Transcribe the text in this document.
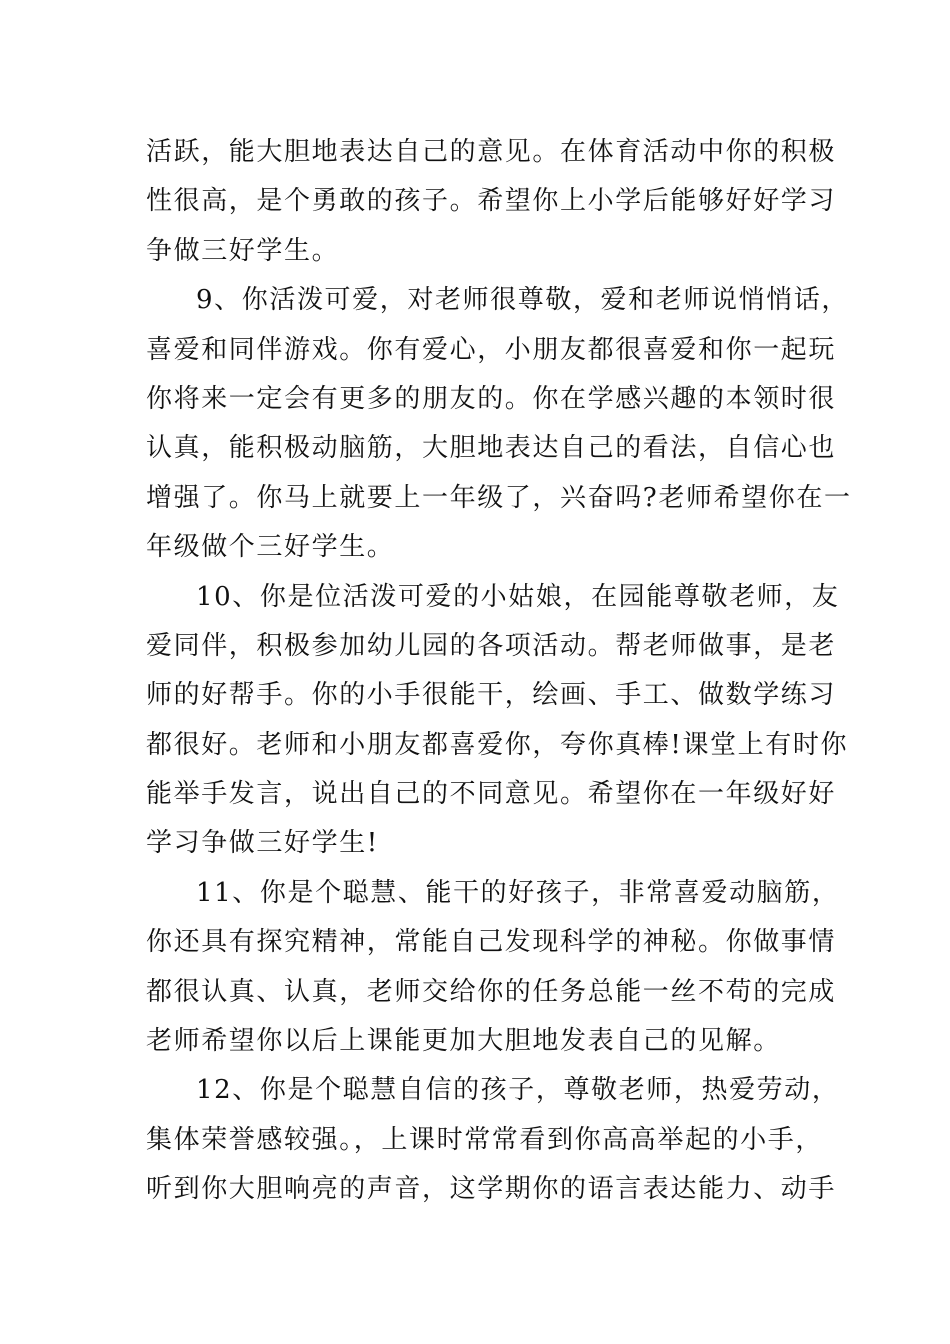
活跃，能大胆地表达自己的意见。在体育活动中你的积极
性很高，是个勇敢的孩子。希望你上小学后能够好好学习
争做三好学生。
9、你活泼可爱，对老师很尊敬，爱和老师说悄悄话，
喜爱和同伴游戏。你有爱心，小朋友都很喜爱和你一起玩
你将来一定会有更多的朋友的。你在学感兴趣的本领时很
认真，能积极动脑筋，大胆地表达自己的看法，自信心也
增强了。你马上就要上一年级了，兴奋吗?老师希望你在一
年级做个三好学生。
10、你是位活泼可爱的小姑娘，在园能尊敬老师，友
爱同伴，积极参加幼儿园的各项活动。帮老师做事，是老
师的好帮手。你的小手很能干，绘画、手工、做数学练习
都很好。老师和小朋友都喜爱你，夸你真棒!课堂上有时你
能举手发言，说出自己的不同意见。希望你在一年级好好
学习争做三好学生!
11、你是个聪慧、能干的好孩子，非常喜爱动脑筋，
你还具有探究精神，常能自己发现科学的神秘。你做事情
都很认真、认真，老师交给你的任务总能一丝不苟的完成
老师希望你以后上课能更加大胆地发表自己的见解。
12、你是个聪慧自信的孩子，尊敬老师，热爱劳动，
集体荣誉感较强。，上课时常常看到你高高举起的小手，
听到你大胆响亮的声音，这学期你的语言表达能力、动手
